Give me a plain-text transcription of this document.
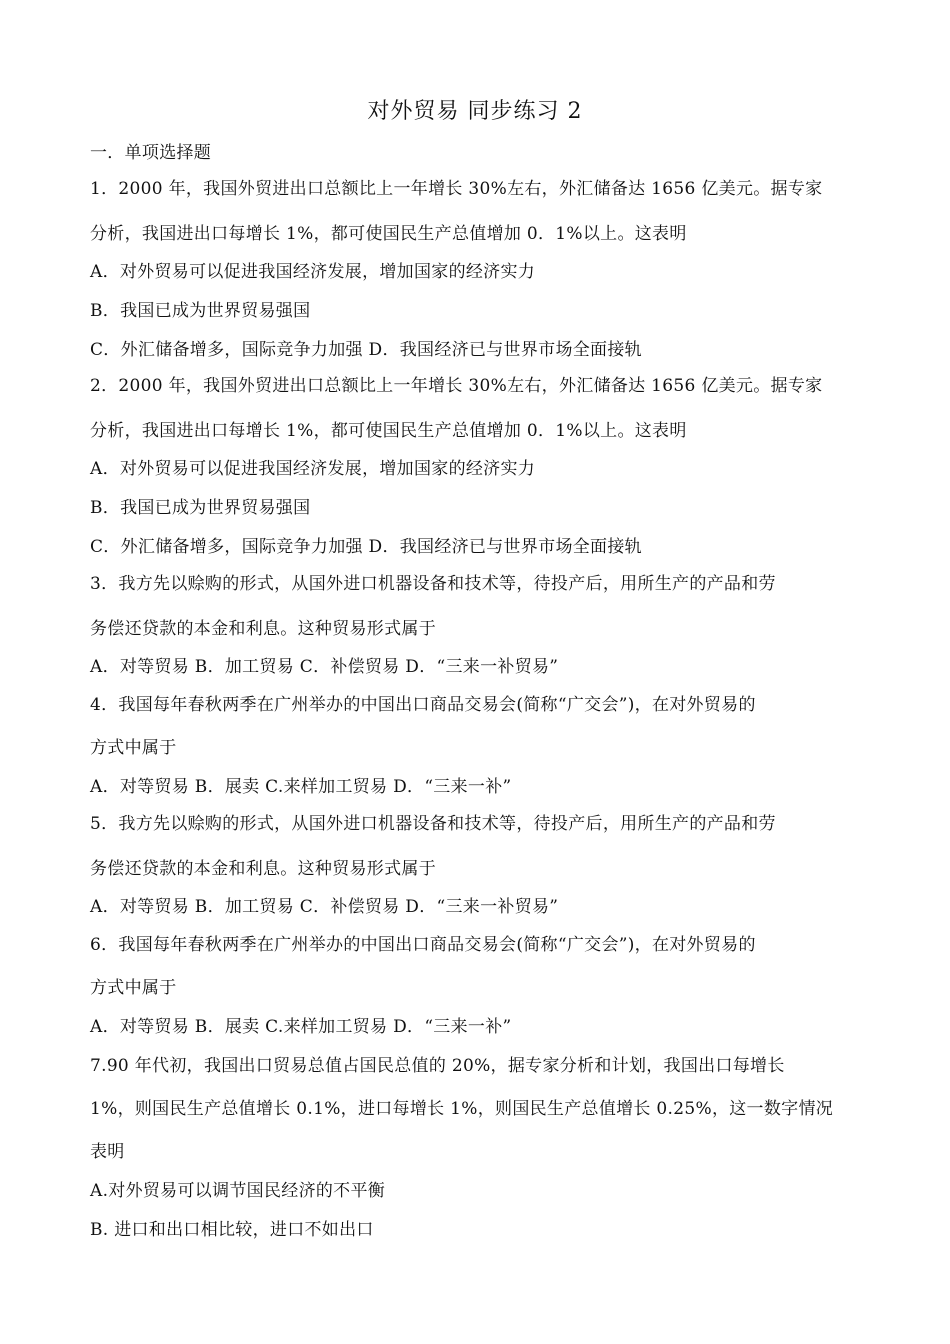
对外贸易 同步练习 2
一．单项选择题
1．2000 年，我国外贸进出口总额比上一年增长 30%左右，外汇储备达 1656 亿美元。据专家
分析，我国进出口每增长 1%，都可使国民生产总值增加 0．1%以上。这表明
A．对外贸易可以促进我国经济发展，增加国家的经济实力
B．我国已成为世界贸易强国
C．外汇储备增多，国际竞争力加强 D．我国经济已与世界市场全面接轨
2．2000 年，我国外贸进出口总额比上一年增长 30%左右，外汇储备达 1656 亿美元。据专家
分析，我国进出口每增长 1%，都可使国民生产总值增加 0．1%以上。这表明
A．对外贸易可以促进我国经济发展，增加国家的经济实力
B．我国已成为世界贸易强国
C．外汇储备增多，国际竞争力加强 D．我国经济已与世界市场全面接轨
3．我方先以赊购的形式，从国外进口机器设备和技术等，待投产后，用所生产的产品和劳
务偿还贷款的本金和利息。这种贸易形式属于
A．对等贸易 B．加工贸易 C．补偿贸易 D．“三来一补贸易”
4．我国每年春秋两季在广州举办的中国出口商品交易会(简称“广交会”)，在对外贸易的
方式中属于
A．对等贸易 B．展卖 C.来样加工贸易 D．“三来一补”
5．我方先以赊购的形式，从国外进口机器设备和技术等，待投产后，用所生产的产品和劳
务偿还贷款的本金和利息。这种贸易形式属于
A．对等贸易 B．加工贸易 C．补偿贸易 D．“三来一补贸易”
6．我国每年春秋两季在广州举办的中国出口商品交易会(简称“广交会”)，在对外贸易的
方式中属于
A．对等贸易 B．展卖 C.来样加工贸易 D．“三来一补”
7.90 年代初，我国出口贸易总值占国民总值的 20%，据专家分析和计划，我国出口每增长
1%，则国民生产总值增长 0.1%，进口每增长 1%，则国民生产总值增长 0.25%，这一数字情况
表明
A.对外贸易可以调节国民经济的不平衡
B. 进口和出口相比较，进口不如出口
